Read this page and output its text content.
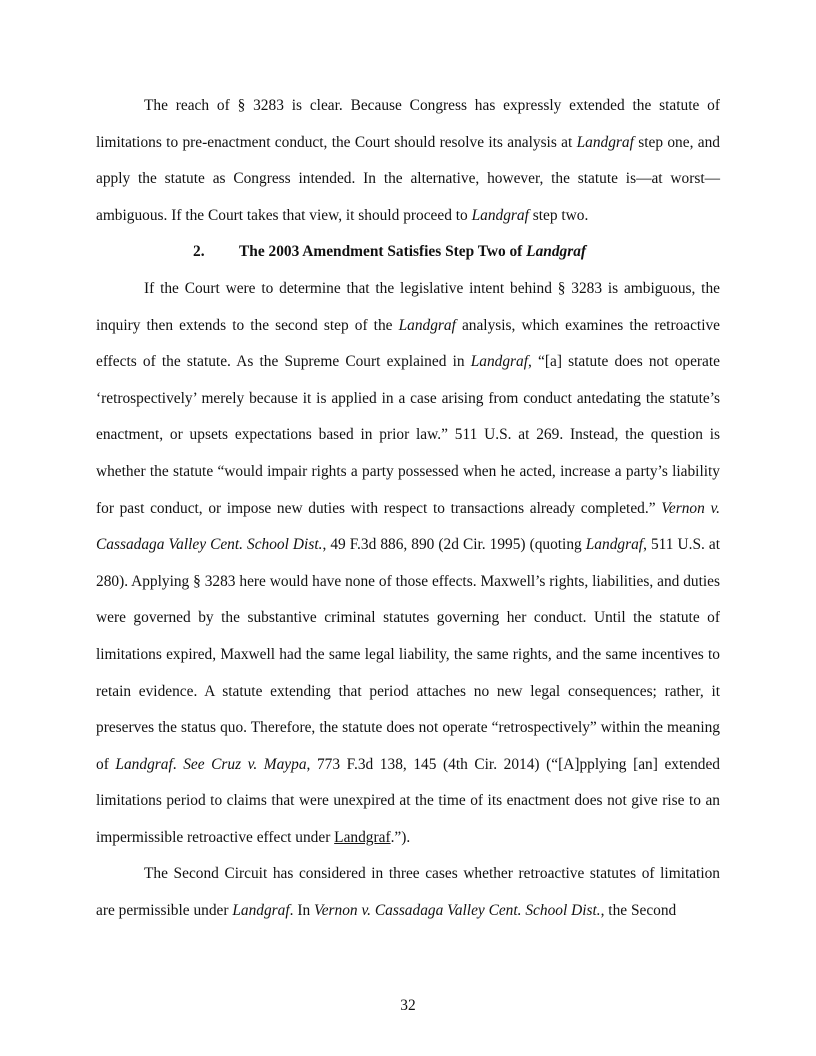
The reach of § 3283 is clear. Because Congress has expressly extended the statute of limitations to pre-enactment conduct, the Court should resolve its analysis at Landgraf step one, and apply the statute as Congress intended. In the alternative, however, the statute is—at worst—ambiguous. If the Court takes that view, it should proceed to Landgraf step two.

2. The 2003 Amendment Satisfies Step Two of Landgraf

If the Court were to determine that the legislative intent behind § 3283 is ambiguous, the inquiry then extends to the second step of the Landgraf analysis, which examines the retroactive effects of the statute. As the Supreme Court explained in Landgraf, “[a] statute does not operate ‘retrospectively’ merely because it is applied in a case arising from conduct antedating the statute’s enactment, or upsets expectations based in prior law.” 511 U.S. at 269. Instead, the question is whether the statute “would impair rights a party possessed when he acted, increase a party’s liability for past conduct, or impose new duties with respect to transactions already completed.” Vernon v. Cassadaga Valley Cent. School Dist., 49 F.3d 886, 890 (2d Cir. 1995) (quoting Landgraf, 511 U.S. at 280). Applying § 3283 here would have none of those effects. Maxwell’s rights, liabilities, and duties were governed by the substantive criminal statutes governing her conduct. Until the statute of limitations expired, Maxwell had the same legal liability, the same rights, and the same incentives to retain evidence. A statute extending that period attaches no new legal consequences; rather, it preserves the status quo. Therefore, the statute does not operate “retrospectively” within the meaning of Landgraf. See Cruz v. Maypa, 773 F.3d 138, 145 (4th Cir. 2014) (“[A]pplying [an] extended limitations period to claims that were unexpired at the time of its enactment does not give rise to an impermissible retroactive effect under Landgraf.”).

The Second Circuit has considered in three cases whether retroactive statutes of limitation are permissible under Landgraf. In Vernon v. Cassadaga Valley Cent. School Dist., the Second

32
